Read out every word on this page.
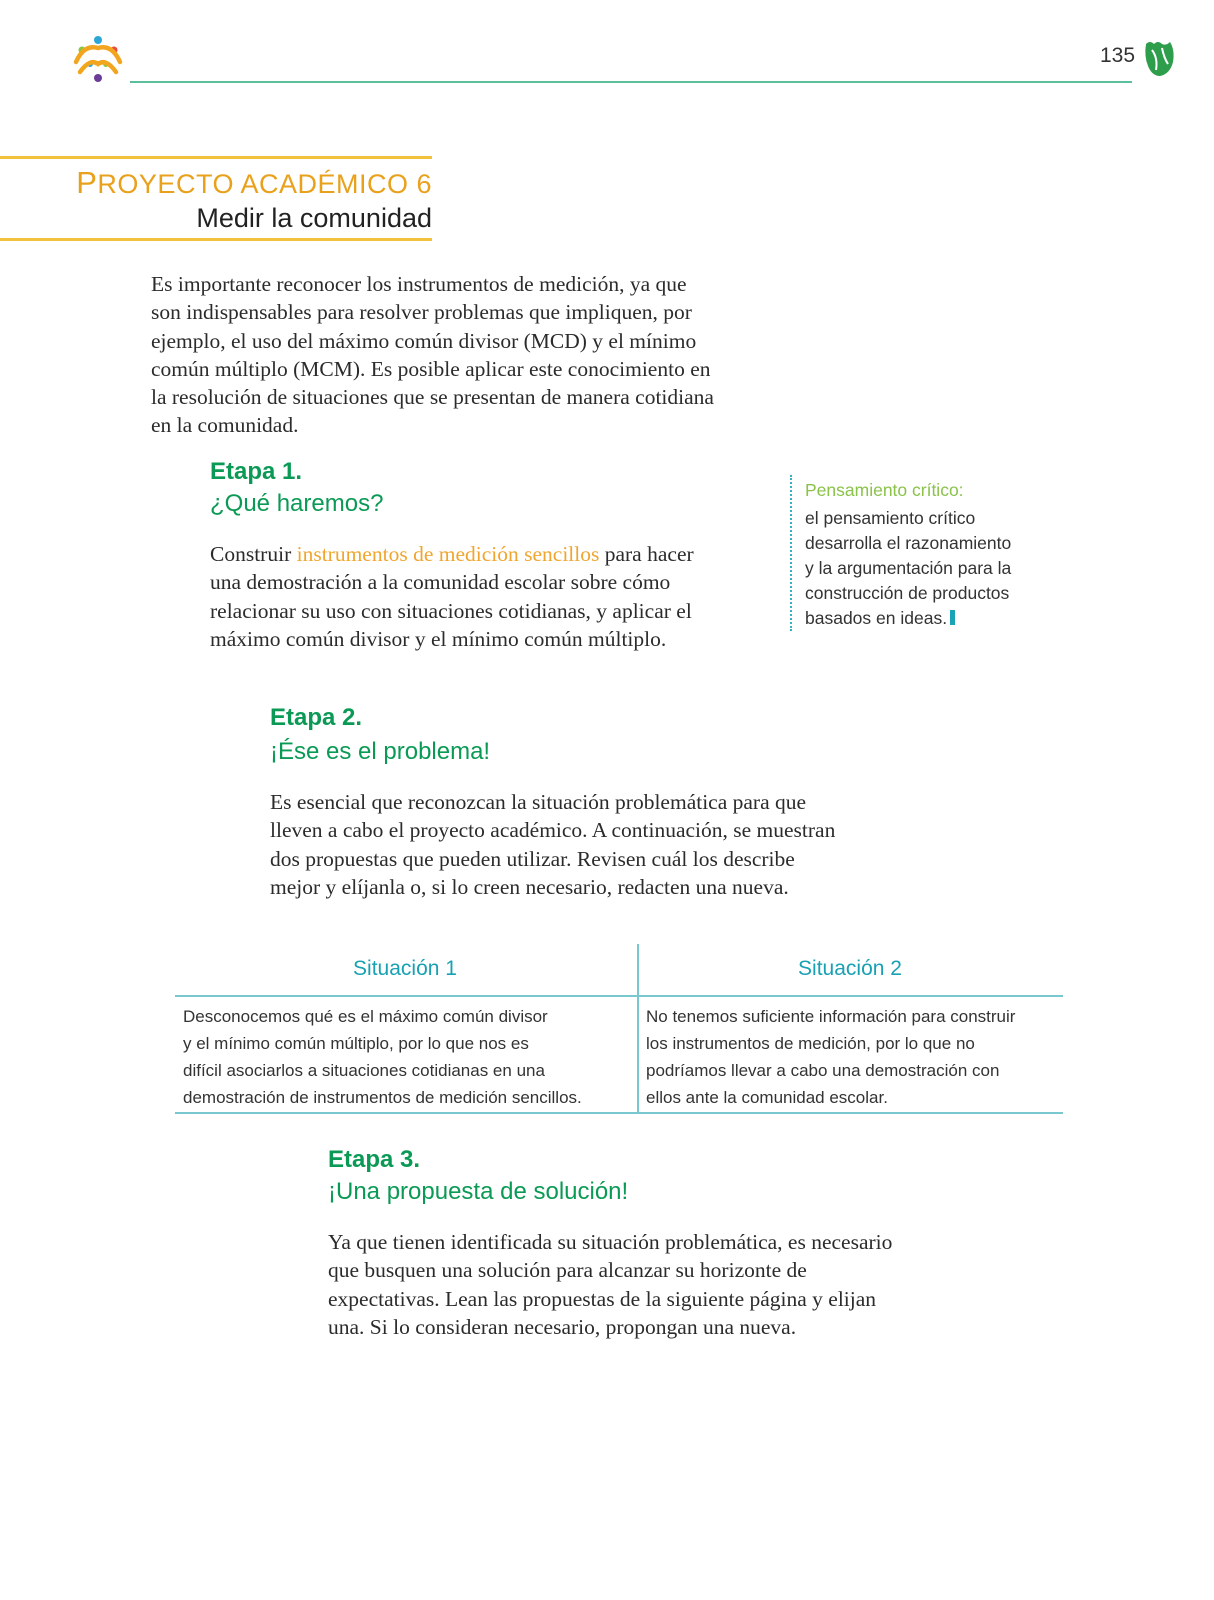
135
PROYECTO ACADÉMICO 6
Medir la comunidad
Es importante reconocer los instrumentos de medición, ya que
son indispensables para resolver problemas que impliquen, por
ejemplo, el uso del máximo común divisor (MCD) y el mínimo
común múltiplo (MCM). Es posible aplicar este conocimiento en
la resolución de situaciones que se presentan de manera cotidiana
en la comunidad.
Etapa 1.
¿Qué haremos?
Construir instrumentos de medición sencillos para hacer
una demostración a la comunidad escolar sobre cómo
relacionar su uso con situaciones cotidianas, y aplicar el
máximo común divisor y el mínimo común múltiplo.
Pensamiento crítico:
el pensamiento crítico
desarrolla el razonamiento
y la argumentación para la
construcción de productos
basados en ideas.
Etapa 2.
¡Ése es el problema!
Es esencial que reconozcan la situación problemática para que
lleven a cabo el proyecto académico. A continuación, se muestran
dos propuestas que pueden utilizar. Revisen cuál los describe
mejor y elíjanla o, si lo creen necesario, redacten una nueva.
Situación 1	Situación 2
Desconocemos qué es el máximo común divisor
y el mínimo común múltiplo, por lo que nos es
difícil asociarlos a situaciones cotidianas en una
demostración de instrumentos de medición sencillos.
No tenemos suficiente información para construir
los instrumentos de medición, por lo que no
podríamos llevar a cabo una demostración con
ellos ante la comunidad escolar.
Etapa 3.
¡Una propuesta de solución!
Ya que tienen identificada su situación problemática, es necesario
que busquen una solución para alcanzar su horizonte de
expectativas. Lean las propuestas de la siguiente página y elijan
una. Si lo consideran necesario, propongan una nueva.
